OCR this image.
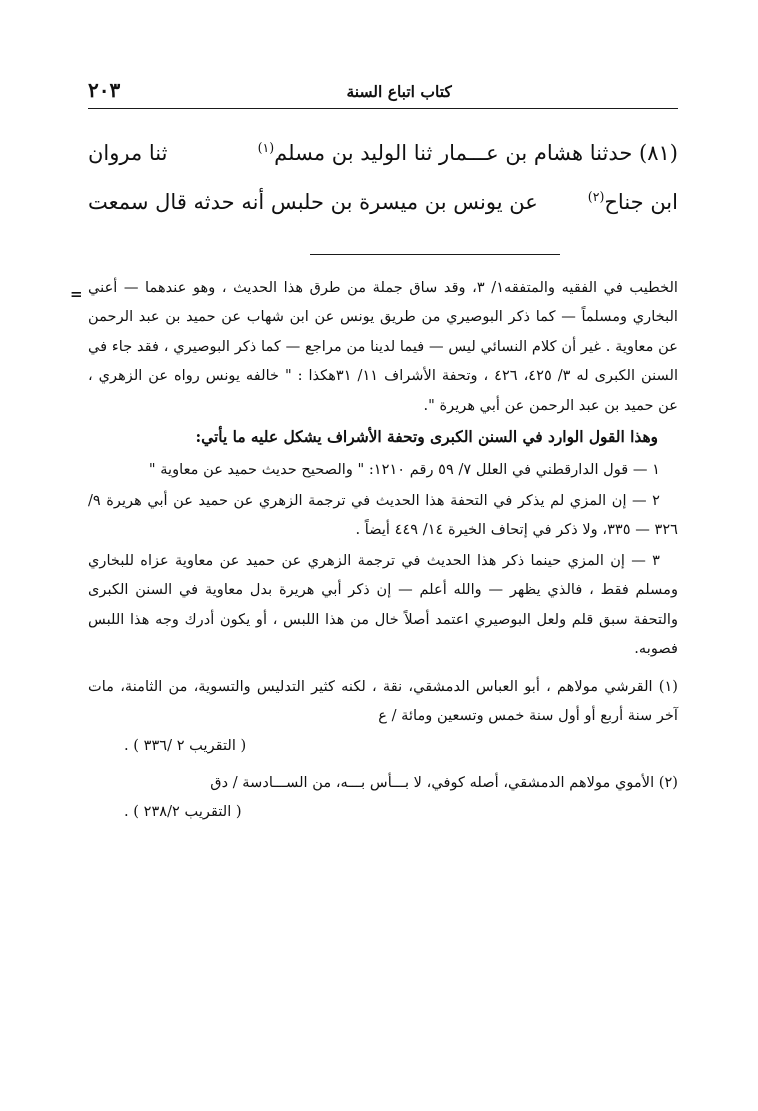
٢٠٣	كتاب اتباع السنة
(٨١) حدثنا هشام بن عـــمار ثنا الوليد بن مسلم$^{(١)}$
ثنا مروان
ابن جناح$^{(٢)}$
عن يونس بن ميسرة بن حلبس أنه حدثه قال سمعت
= الخطيب في الفقيه والمتفقه١/ ٣، وقد ساق جملة من طرق هذا الحديث ، وهو عندهما — أعني البخاري ومسلماً — كما ذكر البوصيري من طريق يونس عن ابن شهاب عن حميد بن عبد الرحمن عن معاوية . غير أن كلام النسائي ليس — فيما لدينا من مراجع — كما ذكر البوصيري ، فقد جاء في السنن الكبرى له ٣/ ٤٢٥، ٤٢٦ ، وتحفة الأشراف ١١/ ٣١هكذا : " خالفه يونس رواه عن الزهري ، عن حميد بن عبد الرحمن عن أبي هريرة ".

وهذا القول الوارد في السنن الكبرى وتحفة الأشراف يشكل عليه ما يأتي:

١ — قول الدارقطني في العلل ٧/ ٥٩ رقم ١٢١٠: " والصحيح حديث حميد عن معاوية "

٢ — إن المزي لم يذكر في التحفة هذا الحديث في ترجمة الزهري عن حميد عن أبي هريرة ٩/ ٣٢٦ — ٣٣٥، ولا ذكر في إتحاف الخيرة ١٤/ ٤٤٩ أيضاً .

٣ — إن المزي حينما ذكر هذا الحديث في ترجمة الزهري عن حميد عن معاوية عزاه للبخاري ومسلم فقط ، فالذي يظهر — والله أعلم — إن ذكر أبي هريرة بدل معاوية في السنن الكبرى والتحفة سبق قلم ولعل البوصيري اعتمد أصلاً خال من هذا اللبس ، أو يكون أدرك وجه هذا اللبس فصوبه.

(١) القرشي مولاهم ، أبو العباس الدمشقي، نقة ، لكنه كثير التدليس والتسوية، من الثامنة، مات آخر سنة أربع أو أول سنة خمس وتسعين ومائة / ع

( التقريب ٢ /٣٣٦ ) .

(٢) الأموي مولاهم الدمشقي، أصله كوفي، لا بـــأس بـــه، من الســـادسة / دق

( التقريب ٢٣٨/٢ ) .
